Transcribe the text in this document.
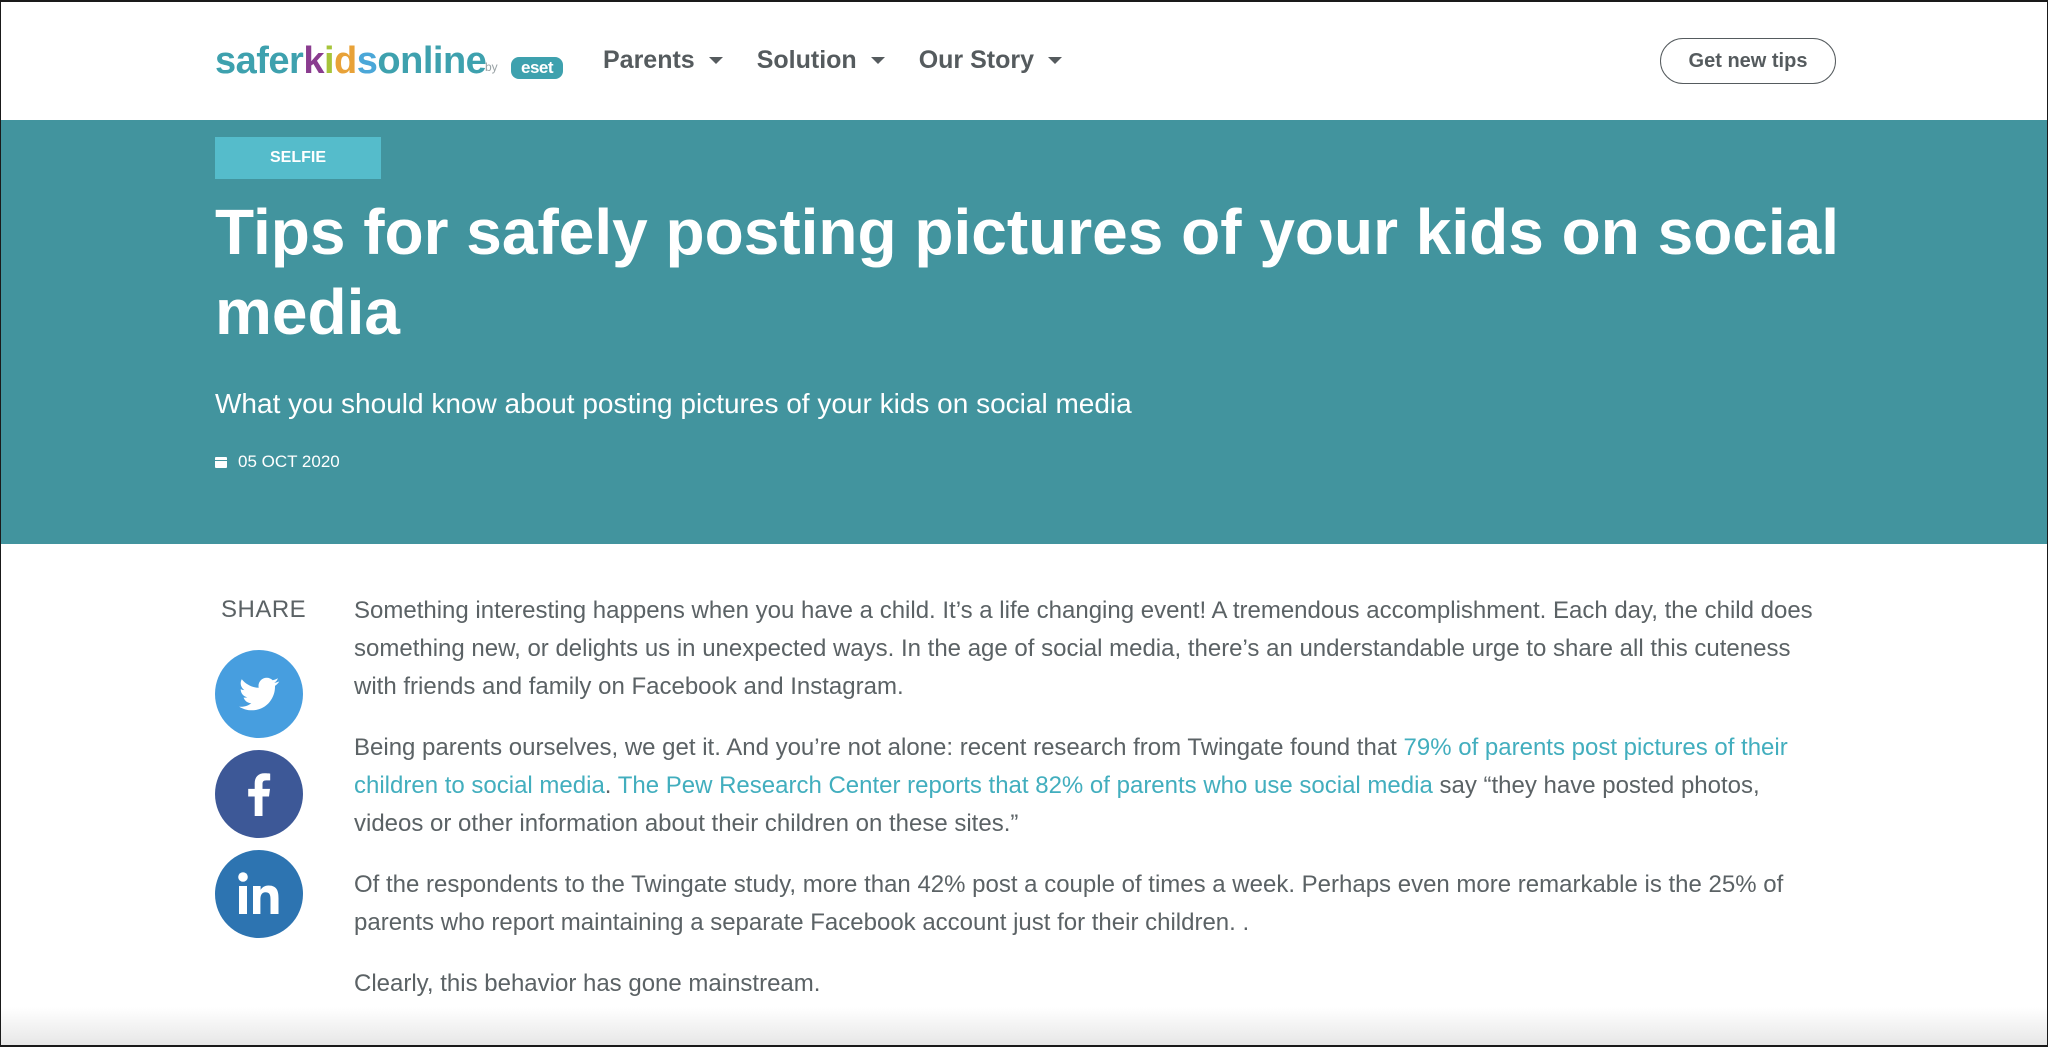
safer k i d s online
by	eset	Parents Solution Our Story	Get new tips
SELFIE
Tips for safely posting pictures of your kids on social media

What you should know about posting pictures of your kids on social media

05 OCT 2020
SHARE Something interesting happens when you have a child. It’s a life changing event! A tremendous accomplishment. Each day, the child does something new, or delights us in unexpected ways. In the age of social media, there’s an understandable urge to share all this cuteness with friends and family on Facebook and Instagram.

Being parents ourselves, we get it. And you’re not alone: recent research from Twingate found that 79% of parents post pictures of their children to social media. The Pew Research Center reports that 82% of parents who use social media say “they have posted photos, videos or other information about their children on these sites.”

Of the respondents to the Twingate study, more than 42% post a couple of times a week. Perhaps even more remarkable is the 25% of parents who report maintaining a separate Facebook account just for their children. .

Clearly, this behavior has gone mainstream.
